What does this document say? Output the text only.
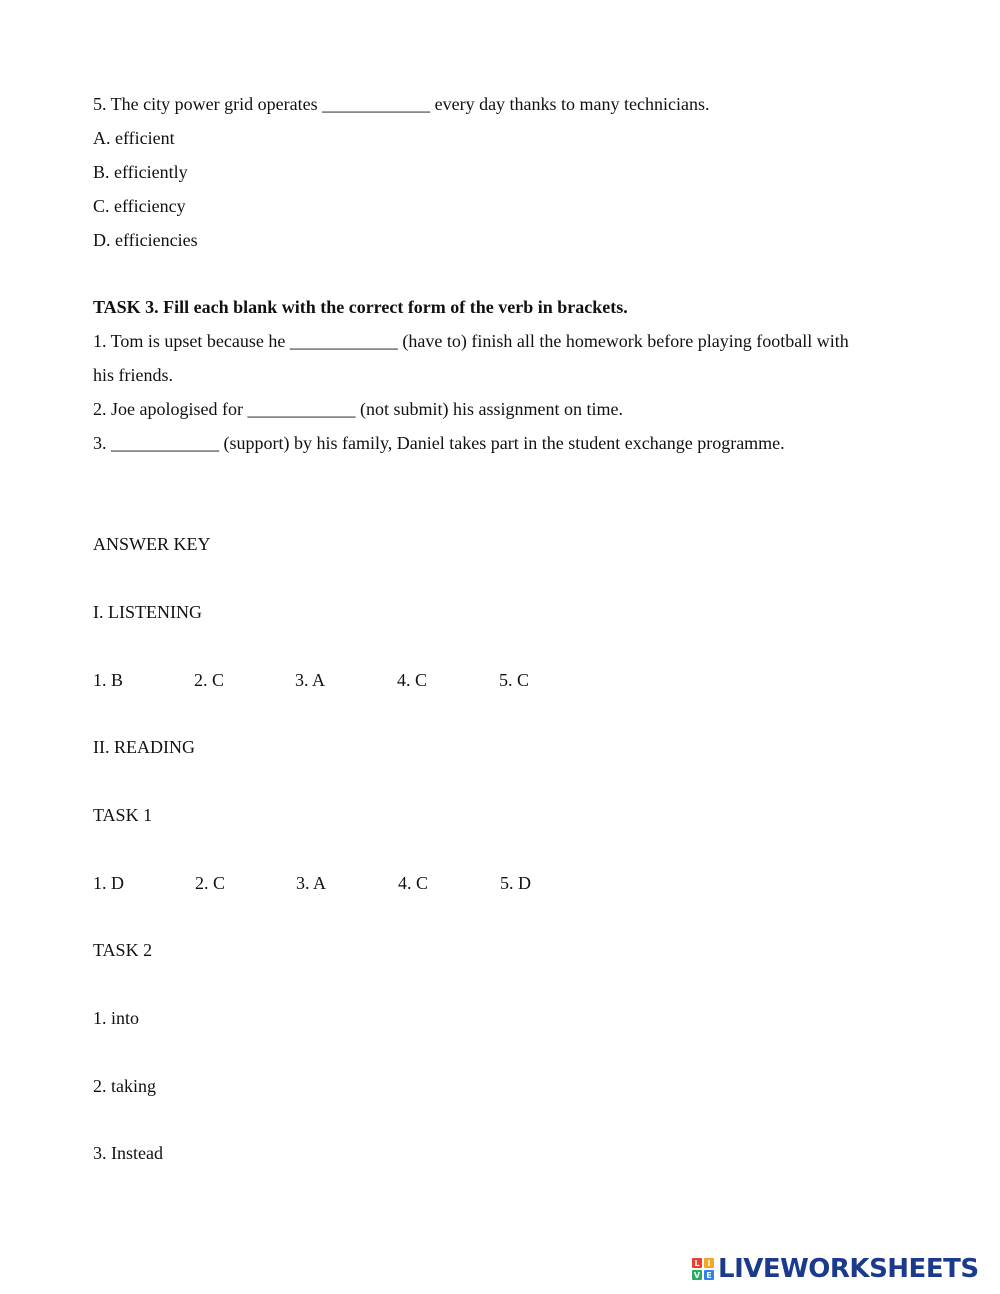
5. The city power grid operates ____________ every day thanks to many technicians.
A. efficient
B. efficiently
C. efficiency
D. efficiencies
TASK 3. Fill each blank with the correct form of the verb in brackets.
1. Tom is upset because he ____________ (have to) finish all the homework before playing football with
his friends.
2. Joe apologised for ____________ (not submit) his assignment on time.
3. ____________ (support) by his family, Daniel takes part in the student exchange programme.
ANSWER KEY
I. LISTENING
1. B	2. C	3. A	4. C	5. C
II. READING
TASK 1
1. D	2. C	3. A	4. C	5. D
TASK 2
1. into
2. taking
3. Instead
L I
V E LIVEWORKSHEETS
